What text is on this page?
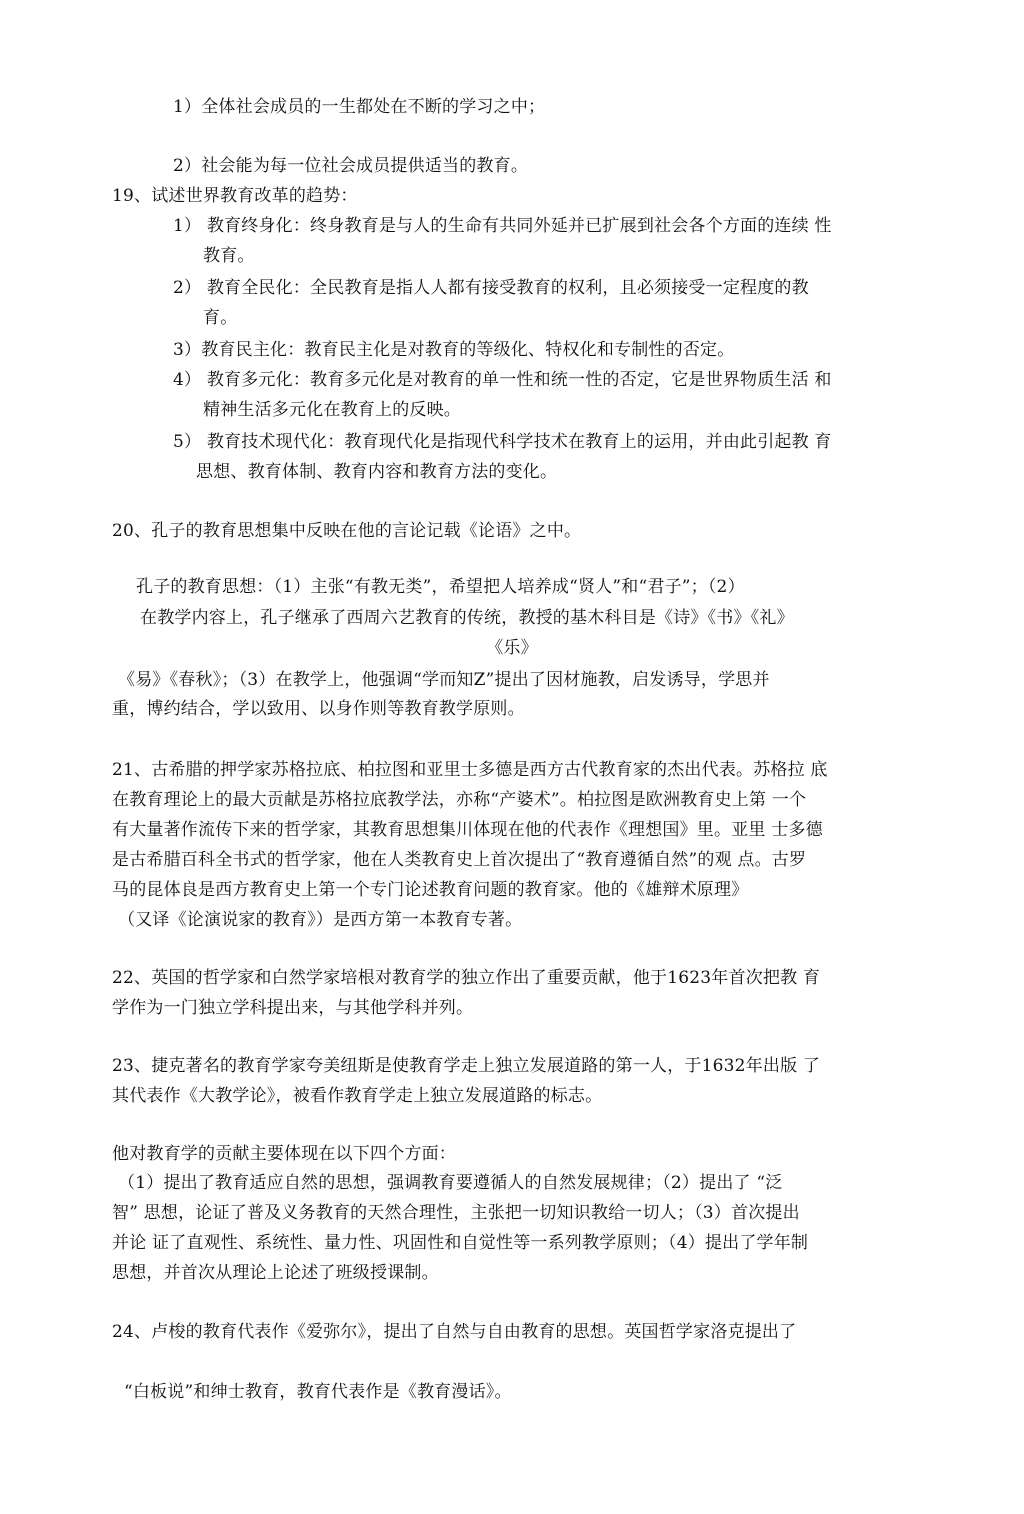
1）全体社会成员的一生都处在不断的学习之中；
2）社会能为每一位社会成员提供适当的教育。
19、试述世界教育改革的趋势：
1） 教育终身化：终身教育是与人的生命有共同外延并已扩展到社会各个方面的连续 性
教育。
2） 教育全民化：全民教育是指人人都有接受教育的权利，且必须接受一定程度的教
育。
3）教育民主化：教育民主化是对教育的等级化、特权化和专制性的否定。
4） 教育多元化：教育多元化是对教育的单一性和统一性的否定，它是世界物质生活 和
精神生活多元化在教育上的反映。
5） 教育技术现代化：教育现代化是指现代科学技术在教育上的运用，并由此引起教 育
思想、教育体制、教育内容和教育方法的变化。
20、孔子的教育思想集中反映在他的言论记载《论语》之中。
孔子的教育思想：（1）主张“有教无类”，希望把人培养成“贤人”和“君子”；（2）
在教学内容上，孔子继承了西周六艺教育的传统，教授的基木科目是《诗》《书》《礼》
《乐》
《易》《春秋》；（3）在教学上，他强调“学而知Z”提出了因材施教，启发诱导，学思并
重，博约结合，学以致用、以身作则等教育教学原则。
21、古希腊的押学家苏格拉底、柏拉图和亚里士多德是西方古代教育家的杰出代表。苏格拉 底
在教育理论上的最大贡献是苏格拉底教学法，亦称“产婆术”。柏拉图是欧洲教育史上第 一个
有大量著作流传下来的哲学家，其教育思想集川体现在他的代表作《理想国》里。亚里 士多德
是古希腊百科全书式的哲学家，他在人类教育史上首次提出了“教育遵循自然”的观 点。古罗
马的昆体良是西方教育史上第一个专门论述教育问题的教育家。他的《雄辩术原理》
（又译《论演说家的教育》）是西方第一本教育专著。
22、英国的哲学家和白然学家培根对教育学的独立作出了重要贡献，他于1623年首次把教 育
学作为一门独立学科提出来，与其他学科并列。
23、捷克著名的教育学家夸美纽斯是使教育学走上独立发展道路的第一人，于1632年出版 了
其代表作《大教学论》，被看作教育学走上独立发展道路的标志。
他对教育学的贡献主要体现在以下四个方面：
（1）提出了教育适应自然的思想，强调教育要遵循人的自然发展规律；（2）提出了 “泛
智” 思想，论证了普及义务教育的天然合理性，主张把一切知识教给一切人；（3）首次提出
并论 证了直观性、系统性、量力性、巩固性和自觉性等一系列教学原则；（4）提出了学年制
思想，并首次从理论上论述了班级授课制。
24、卢梭的教育代表作《爱弥尔》，提出了自然与自由教育的思想。英国哲学家洛克提出了
“白板说”和绅士教育，教育代表作是《教育漫话》。
